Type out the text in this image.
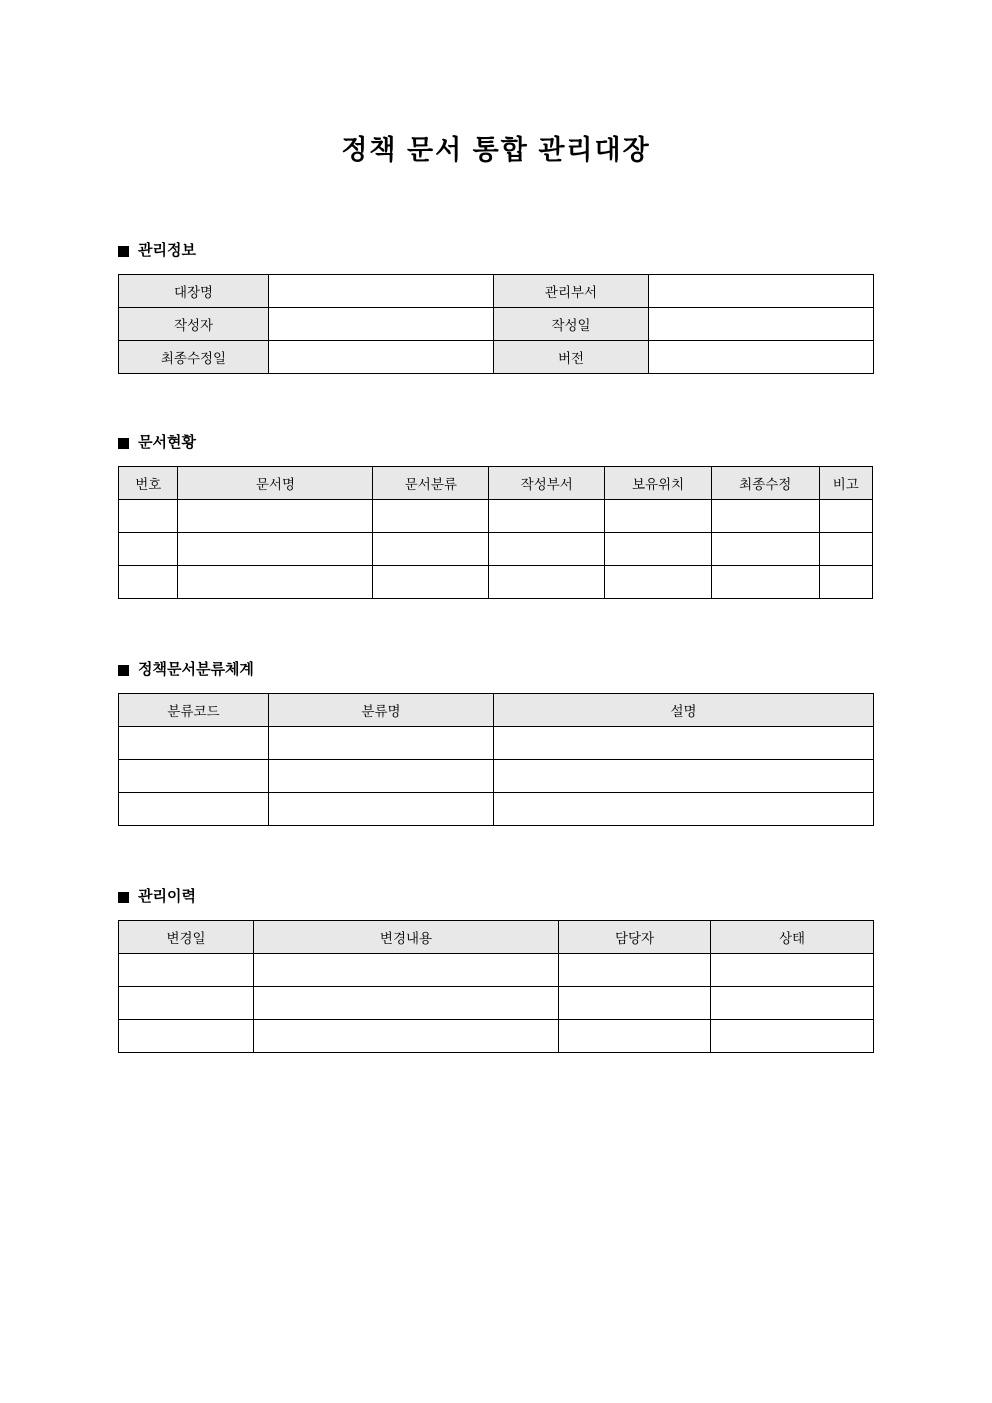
정책 문서 통합 관리대장
관리정보
대장명		관리부서	
작성자		작성일	
최종수정일		버전	
문서현황
번호	문서명	문서분류	작성부서	보유위치	최종수정	비고

정책문서분류체계
분류코드	분류명	설명

관리이력
변경일	변경내용	담당자	상태
